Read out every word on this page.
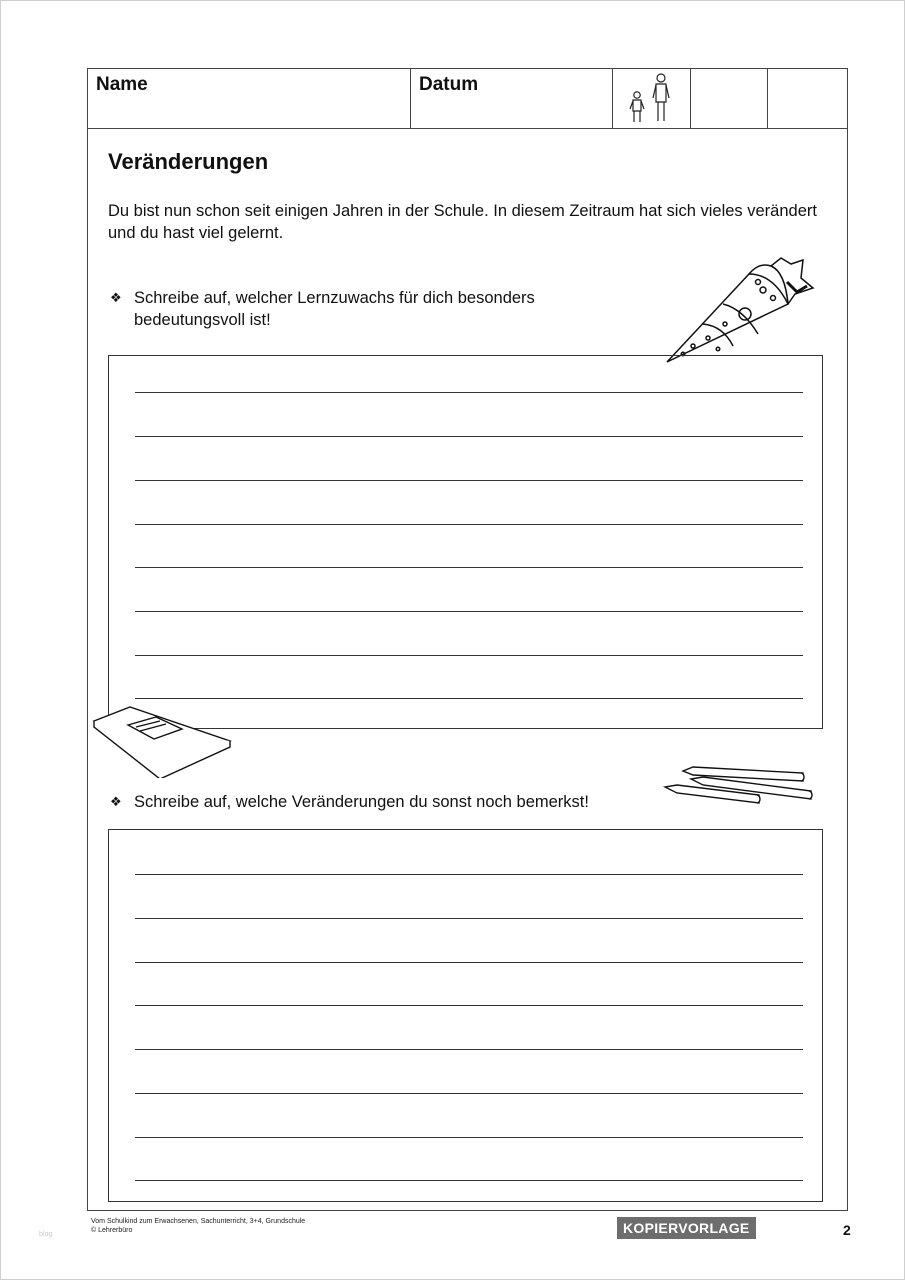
Name	Datum
Veränderungen

Du bist nun schon seit einigen Jahren in der Schule. In diesem Zeitraum hat sich vieles verändert und du hast viel gelernt.

❖ Schreibe auf, welcher Lernzuwachs für dich besonders
bedeutungsvoll ist!
❖ Schreibe auf, welche Veränderungen du sonst noch bemerkst!
Vom Schulkind zum Erwachsenen, Sachunterricht, 3+4, Grundschule
© Lehrerbüro	KOPIERVORLAGE	2
blog
